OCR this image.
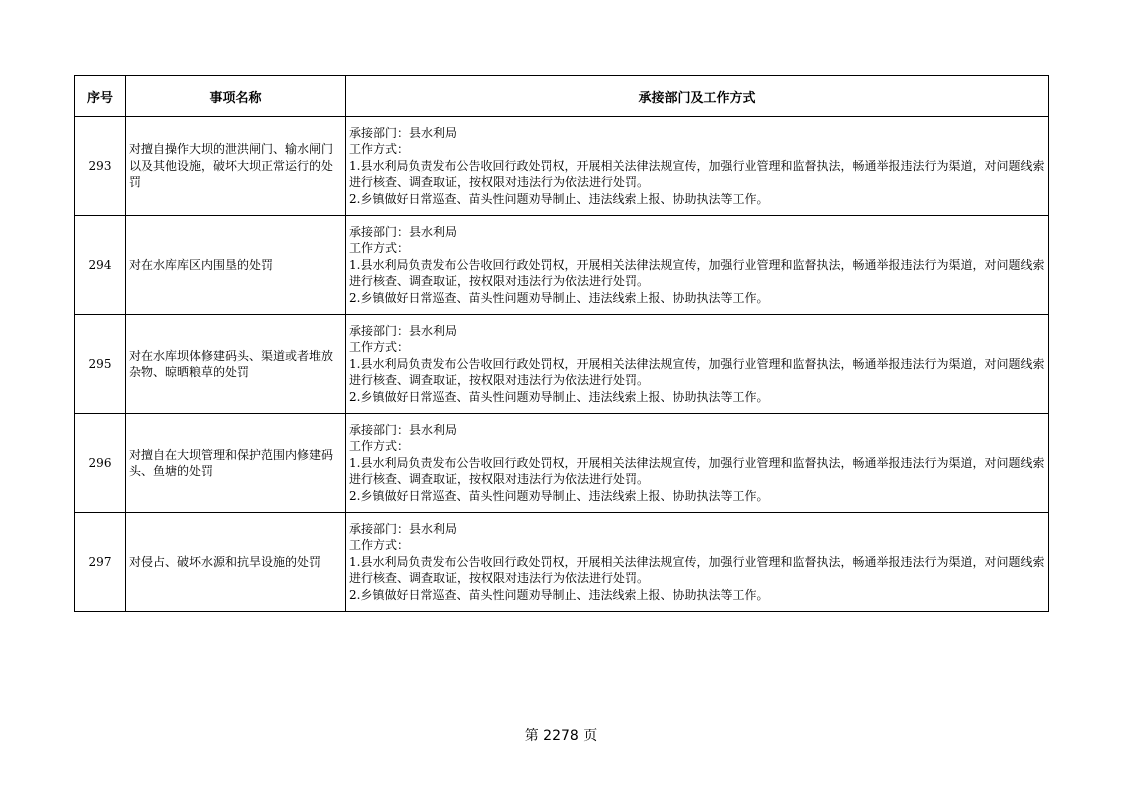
序号	事项名称	承接部门及工作方式
293	对擅自操作大坝的泄洪闸门、输水闸门以及其他设施，破坏大坝正常运行的处罚	承接部门：县水利局
工作方式：
1.县水利局负责发布公告收回行政处罚权，开展相关法律法规宣传，加强行业管理和监督执法，畅通举报违法行为渠道，对问题线索进行核查、调查取证，按权限对违法行为依法进行处罚。
2.乡镇做好日常巡查、苗头性问题劝导制止、违法线索上报、协助执法等工作。

294	对在水库库区内围垦的处罚	承接部门：县水利局
工作方式：
1.县水利局负责发布公告收回行政处罚权，开展相关法律法规宣传，加强行业管理和监督执法，畅通举报违法行为渠道，对问题线索进行核查、调查取证，按权限对违法行为依法进行处罚。
2.乡镇做好日常巡查、苗头性问题劝导制止、违法线索上报、协助执法等工作。

295	对在水库坝体修建码头、渠道或者堆放杂物、晾晒粮草的处罚	承接部门：县水利局
工作方式：
1.县水利局负责发布公告收回行政处罚权，开展相关法律法规宣传，加强行业管理和监督执法，畅通举报违法行为渠道，对问题线索进行核查、调查取证，按权限对违法行为依法进行处罚。
2.乡镇做好日常巡查、苗头性问题劝导制止、违法线索上报、协助执法等工作。

296	对擅自在大坝管理和保护范围内修建码头、鱼塘的处罚	承接部门：县水利局
工作方式：
1.县水利局负责发布公告收回行政处罚权，开展相关法律法规宣传，加强行业管理和监督执法，畅通举报违法行为渠道，对问题线索进行核查、调查取证，按权限对违法行为依法进行处罚。
2.乡镇做好日常巡查、苗头性问题劝导制止、违法线索上报、协助执法等工作。

297	对侵占、破坏水源和抗旱设施的处罚	承接部门：县水利局
工作方式：
1.县水利局负责发布公告收回行政处罚权，开展相关法律法规宣传，加强行业管理和监督执法，畅通举报违法行为渠道，对问题线索进行核查、调查取证，按权限对违法行为依法进行处罚。
2.乡镇做好日常巡查、苗头性问题劝导制止、违法线索上报、协助执法等工作。
第 2278 页
